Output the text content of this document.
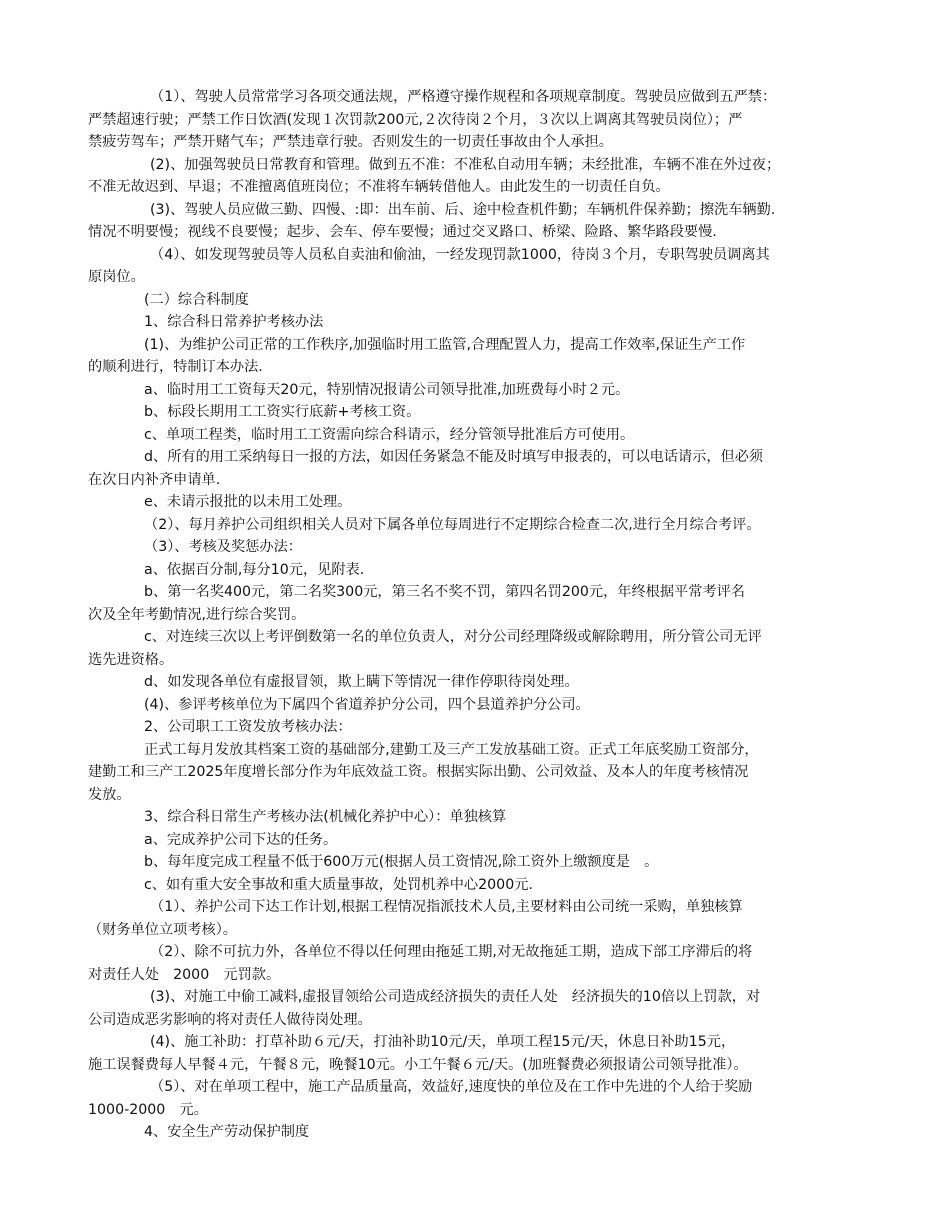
（1）、驾驶人员常常学习各项交通法规，严格遵守操作规程和各项规章制度。驾驶员应做到五严禁：

严禁超速行驶；严禁工作日饮酒(发现１次罚款200元,２次待岗２个月，３次以上调离其驾驶员岗位）；严

禁疲劳驾车；严禁开赌气车；严禁违章行驶。否则发生的一切责任事故由个人承担。

(2)、加强驾驶员日常教育和管理。做到五不准：不准私自动用车辆；未经批准，车辆不准在外过夜；

不准无故迟到、早退；不准擅离值班岗位；不准将车辆转借他人。由此发生的一切责任自负。

(3)、驾驶人员应做三勤、四慢、:即：出车前、后、途中检查机件勤；车辆机件保养勤；擦洗车辆勤.

情况不明要慢；视线不良要慢；起步、会车、停车要慢；通过交叉路口、桥梁、险路、繁华路段要慢.

（4）、如发现驾驶员等人员私自卖油和偷油，一经发现罚款1000，待岗３个月，专职驾驶员调离其

原岗位。

(二）综合科制度

1、综合科日常养护考核办法

(1)、为维护公司正常的工作秩序,加强临时用工监管,合理配置人力，提高工作效率,保证生产工作

的顺利进行，特制订本办法.

a、临时用工工资每天20元，特别情况报请公司领导批准,加班费每小时２元。

b、标段长期用工工资实行底薪+考核工资。

c、单项工程类，临时用工工资需向综合科请示，经分管领导批准后方可使用。

d、所有的用工采纳每日一报的方法，如因任务紧急不能及时填写申报表的，可以电话请示，但必须

在次日内补齐申请单.

e、未请示报批的以未用工处理。

（2）、每月养护公司组织相关人员对下属各单位每周进行不定期综合检查二次,进行全月综合考评。

（3）、考核及奖惩办法：

a、依据百分制,每分10元，见附表.

b、第一名奖400元，第二名奖300元，第三名不奖不罚，第四名罚200元，年终根据平常考评名

次及全年考勤情况,进行综合奖罚。

c、对连续三次以上考评倒数第一名的单位负责人，对分公司经理降级或解除聘用，所分管公司无评

选先进资格。

d、如发现各单位有虚报冒领，欺上瞒下等情况一律作停职待岗处理。

(4)、参评考核单位为下属四个省道养护分公司，四个县道养护分公司。

2、公司职工工资发放考核办法：

正式工每月发放其档案工资的基础部分,建勤工及三产工发放基础工资。正式工年底奖励工资部分，

建勤工和三产工2025年度增长部分作为年底效益工资。根据实际出勤、公司效益、及本人的年度考核情况

发放。

3、综合科日常生产考核办法(机械化养护中心）：单独核算

a、完成养护公司下达的任务。

b、每年度完成工程量不低于600万元(根据人员工资情况,除工资外上缴额度是　。

c、如有重大安全事故和重大质量事故，处罚机养中心2000元.

（1）、养护公司下达工作计划,根据工程情况指派技术人员,主要材料由公司统一采购，单独核算

（财务单位立项考核）。

（2）、除不可抗力外，各单位不得以任何理由拖延工期,对无故拖延工期，造成下部工序滞后的将

对责任人处　2000　元罚款。

(3)、对施工中偷工减料,虚报冒领给公司造成经济损失的责任人处　经济损失的10倍以上罚款，对

公司造成恶劣影响的将对责任人做待岗处理。

(4)、施工补助：打草补助６元/天，打油补助10元/天，单项工程15元/天，休息日补助15元，

施工误餐费每人早餐４元，午餐８元，晚餐10元。小工午餐６元/天。(加班餐费必须报请公司领导批准）。

（5）、对在单项工程中，施工产品质量高，效益好,速度快的单位及在工作中先进的个人给于奖励

1000-2000　元。

4、安全生产劳动保护制度
